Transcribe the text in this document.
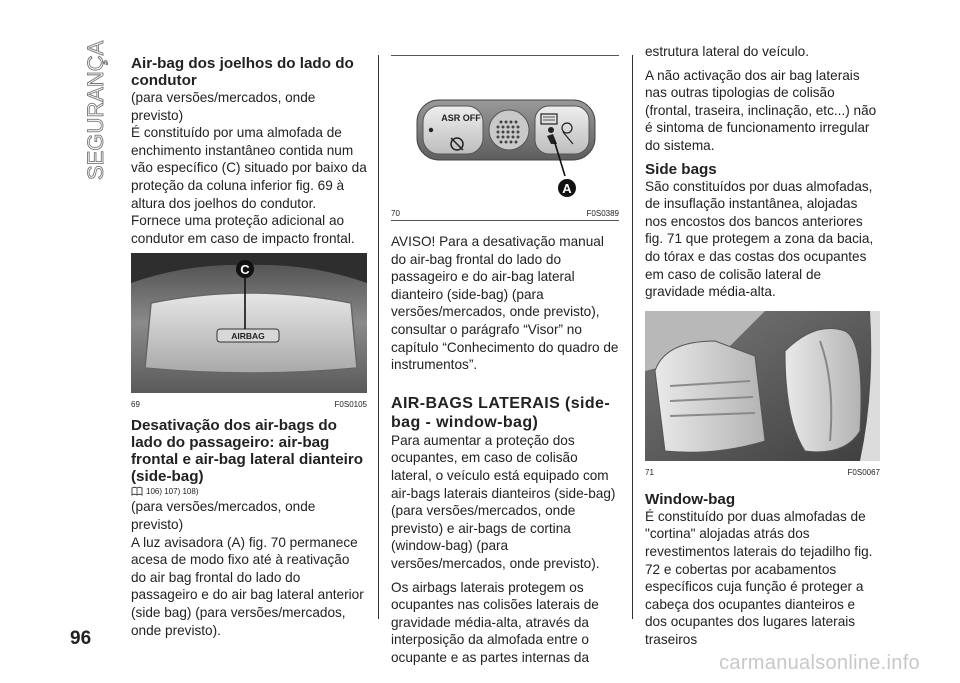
SEGURANÇA Air-bag dos joelhos do lado do condutor

(para versões/mercados, onde previsto)

É constituído por uma almofada de enchimento instantâneo contida num vão específico (C) situado por baixo da proteção da coluna inferior fig. 69 à altura dos joelhos do condutor. Fornece uma proteção adicional ao condutor em caso de impacto frontal.

AIRBAG
C
69	F0S0105
Desativação dos air-bags do lado do passageiro: air-bag frontal e air-bag lateral dianteiro (side-bag)
106) 107) 108)

(para versões/mercados, onde previsto)

A luz avisadora (A) fig. 70 permanece acesa de modo fixo até à reativação do air bag frontal do lado do passageiro e do air bag lateral anterior (side bag) (para versões/mercados, onde previsto).

ASR OFF
A
70	F0S0389

AVISO! Para a desativação manual do air-bag frontal do lado do passageiro e do air-bag lateral dianteiro (side-bag) (para versões/mercados, onde previsto), consultar o parágrafo “Visor” no capítulo “Conhecimento do quadro de instrumentos”.

AIR-BAGS LATERAIS (side-bag - window-bag)

Para aumentar a proteção dos ocupantes, em caso de colisão lateral, o veículo está equipado com air-bags laterais dianteiros (side-bag) (para versões/mercados, onde previsto) e air-bags de cortina (window-bag) (para versões/mercados, onde previsto).

Os airbags laterais protegem os ocupantes nas colisões laterais de gravidade média-alta, através da interposição da almofada entre o ocupante e as partes internas da

estrutura lateral do veículo.

A não activação dos air bag laterais nas outras tipologias de colisão (frontal, traseira, inclinação, etc...) não é sintoma de funcionamento irregular do sistema.

Side bags

São constituídos por duas almofadas, de insuflação instantânea, alojadas nos encostos dos bancos anteriores fig. 71 que protegem a zona da bacia, do tórax e das costas dos ocupantes em caso de colisão lateral de gravidade média-alta.

71	F0S0067
Window-bag

É constituído por duas almofadas de "cortina" alojadas atrás dos revestimentos laterais do tejadilho fig. 72 e cobertas por acabamentos específicos cuja função é proteger a cabeça dos ocupantes dianteiros e dos ocupantes dos lugares laterais traseiros

96
carmanualsonline.info
